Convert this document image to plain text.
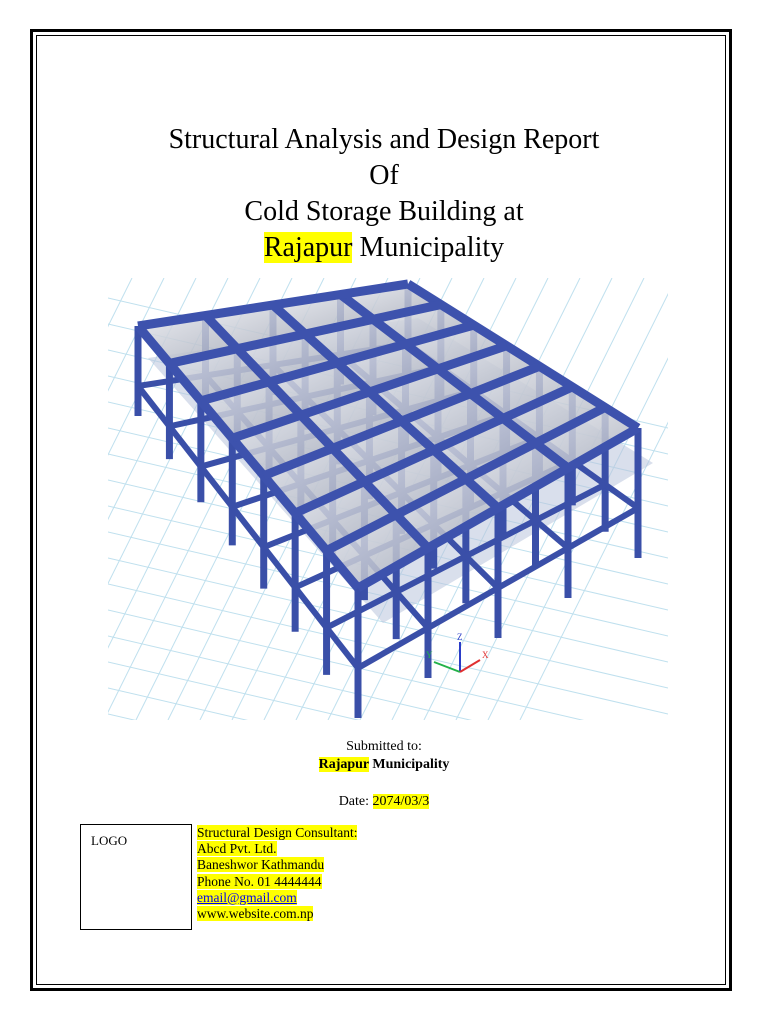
Structural Analysis and Design Report
Of
Cold Storage Building at
Rajapur Municipality
Y
Z
X
Submitted to:
Rajapur Municipality
Date: 2074/03/3
LOGO
Structural Design Consultant:
Abcd Pvt. Ltd.
Baneshwor Kathmandu
Phone No. 01 4444444
email@gmail.com
www.website.com.np
